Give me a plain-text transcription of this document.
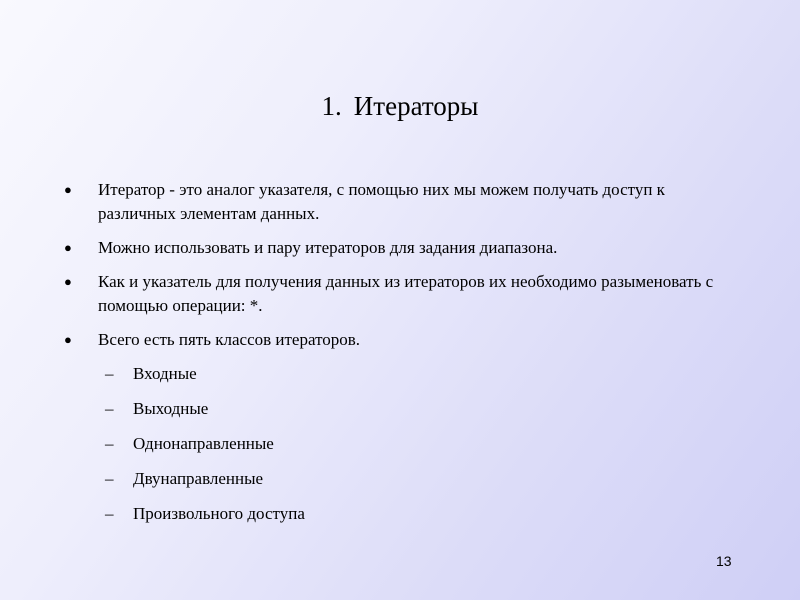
1. Итераторы
● Итератор - это аналог указателя, с помощью них мы можем получать доступ к различных элементам данных.
● Можно использовать и пару итераторов для задания диапазона.
● Как и указатель для получения данных из итераторов их необходимо разыменовать с помощью операции: *.
● Всего есть пять классов итераторов.
– Входные
– Выходные
– Однонаправленные
– Двунаправленные
– Произвольного доступа
13
